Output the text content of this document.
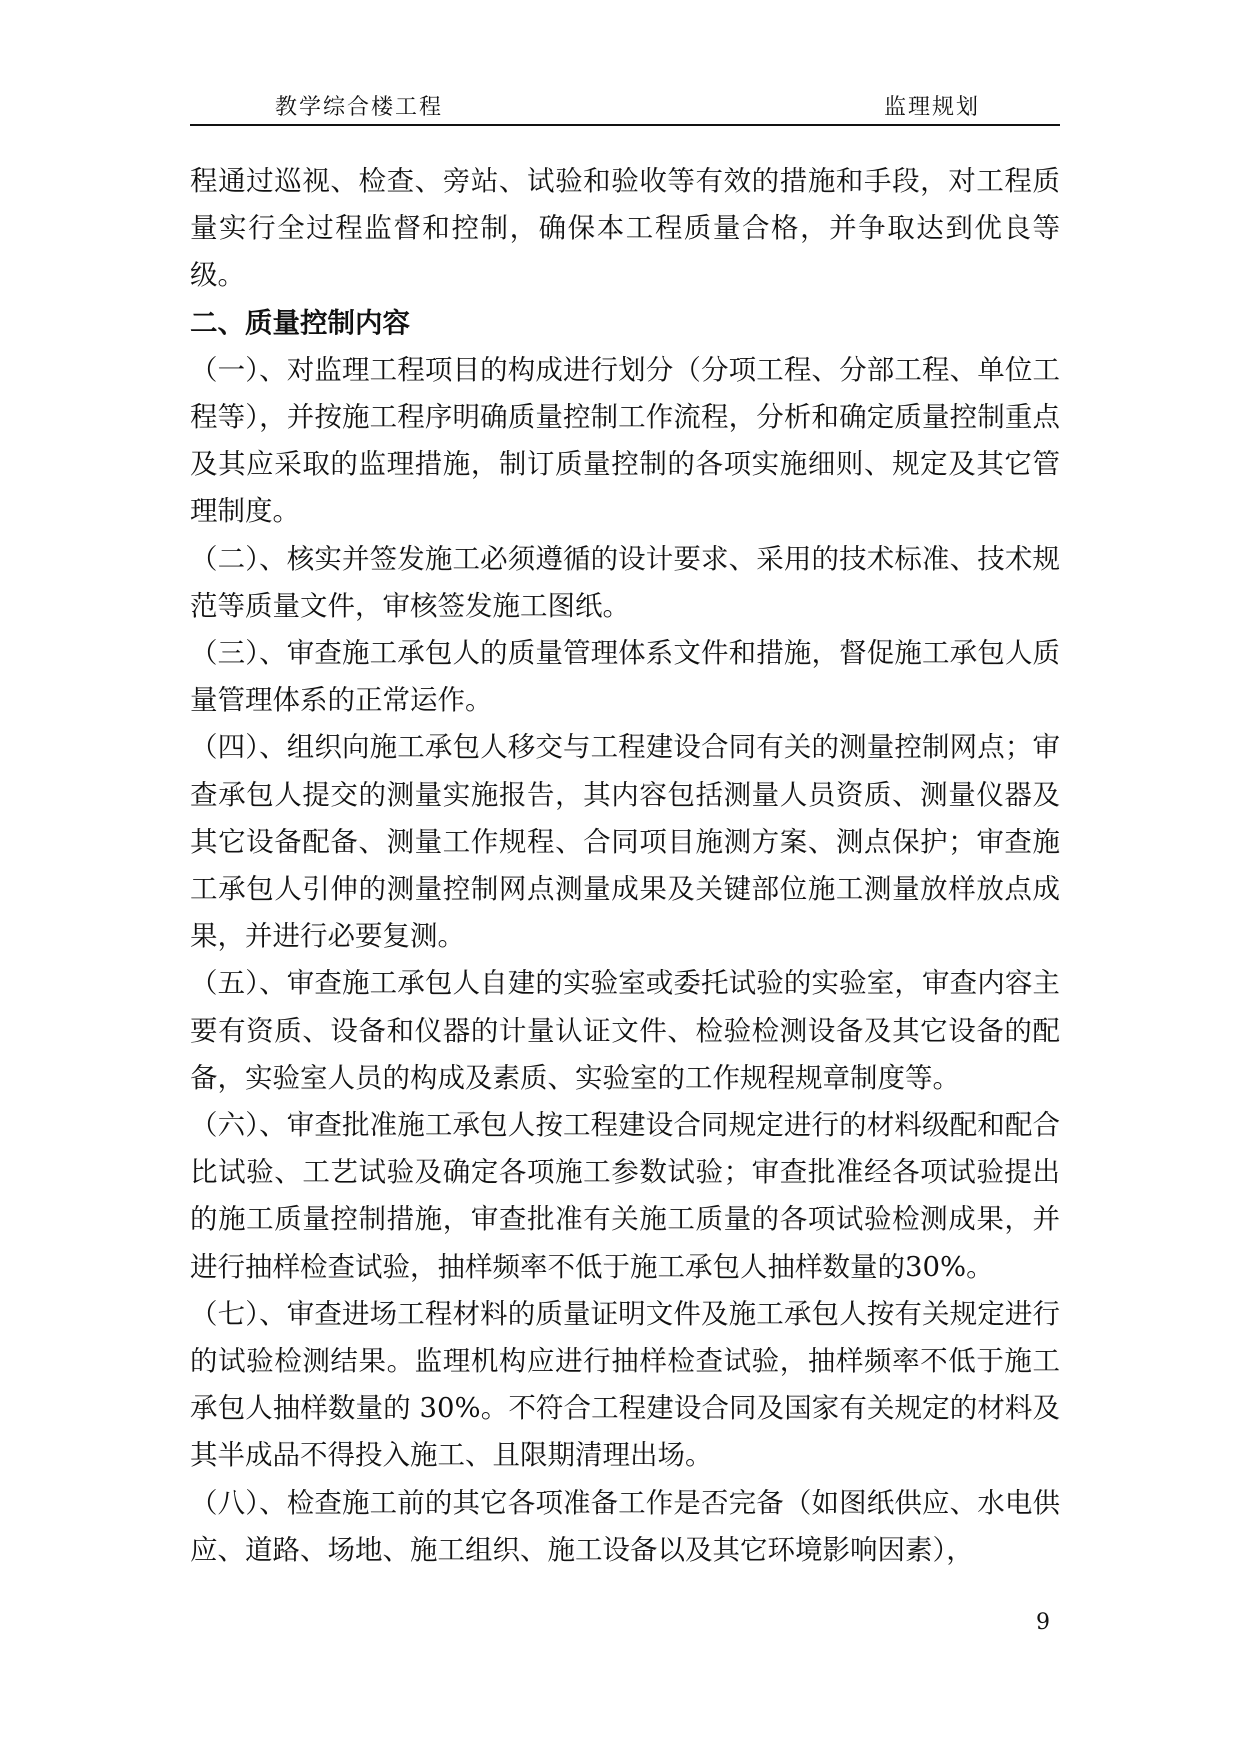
教学综合楼工程	监理规划

程通过巡视、检查、旁站、试验和验收等有效的措施和手段，对工程质量实行全过程监督和控制，确保本工程质量合格，并争取达到优良等级。

二、质量控制内容

（一）、对监理工程项目的构成进行划分（分项工程、分部工程、单位工程等），并按施工程序明确质量控制工作流程，分析和确定质量控制重点及其应采取的监理措施，制订质量控制的各项实施细则、规定及其它管理制度。

（二）、核实并签发施工必须遵循的设计要求、采用的技术标准、技术规范等质量文件，审核签发施工图纸。

（三）、审查施工承包人的质量管理体系文件和措施，督促施工承包人质量管理体系的正常运作。

（四）、组织向施工承包人移交与工程建设合同有关的测量控制网点；审查承包人提交的测量实施报告，其内容包括测量人员资质、测量仪器及其它设备配备、测量工作规程、合同项目施测方案、测点保护；审查施工承包人引伸的测量控制网点测量成果及关键部位施工测量放样放点成果，并进行必要复测。

（五）、审查施工承包人自建的实验室或委托试验的实验室，审查内容主要有资质、设备和仪器的计量认证文件、检验检测设备及其它设备的配备，实验室人员的构成及素质、实验室的工作规程规章制度等。

（六）、审查批准施工承包人按工程建设合同规定进行的材料级配和配合比试验、工艺试验及确定各项施工参数试验；审查批准经各项试验提出的施工质量控制措施，审查批准有关施工质量的各项试验检测成果，并进行抽样检查试验，抽样频率不低于施工承包人抽样数量的30%。

（七）、审查进场工程材料的质量证明文件及施工承包人按有关规定进行的试验检测结果。监理机构应进行抽样检查试验，抽样频率不低于施工承包人抽样数量的 30%。不符合工程建设合同及国家有关规定的材料及其半成品不得投入施工、且限期清理出场。

（八）、检查施工前的其它各项准备工作是否完备（如图纸供应、水电供应、道路、场地、施工组织、施工设备以及其它环境影响因素），

9
